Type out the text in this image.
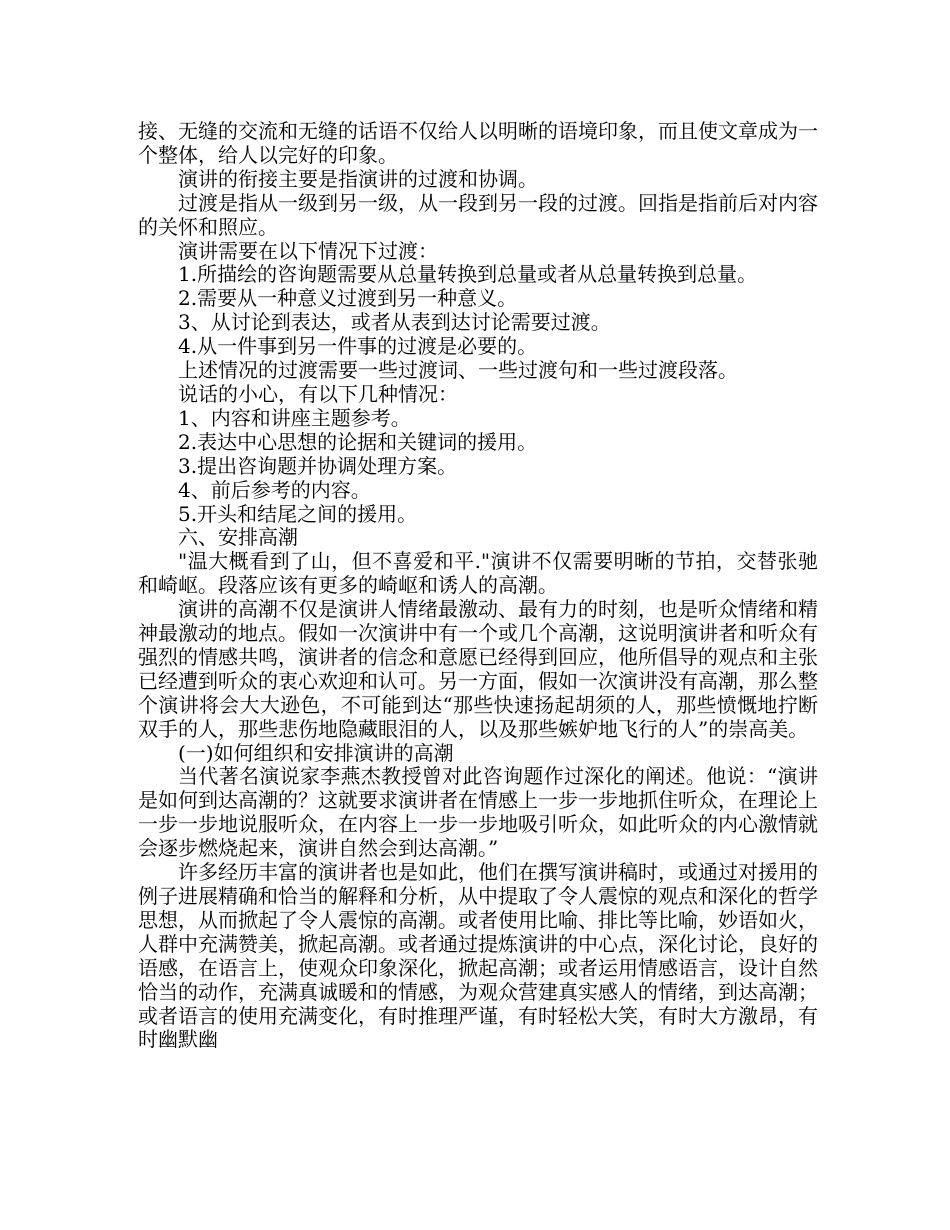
接、无缝的交流和无缝的话语不仅给人以明晰的语境印象，而且使文章成为一个整体，给人以完好的印象。

演讲的衔接主要是指演讲的过渡和协调。

过渡是指从一级到另一级，从一段到另一段的过渡。回指是指前后对内容的关怀和照应。

演讲需要在以下情况下过渡：

1.所描绘的咨询题需要从总量转换到总量或者从总量转换到总量。

2.需要从一种意义过渡到另一种意义。

3、从讨论到表达，或者从表到达讨论需要过渡。

4.从一件事到另一件事的过渡是必要的。

上述情况的过渡需要一些过渡词、一些过渡句和一些过渡段落。

说话的小心，有以下几种情况：

1、内容和讲座主题参考。

2.表达中心思想的论据和关键词的援用。

3.提出咨询题并协调处理方案。

4、前后参考的内容。

5.开头和结尾之间的援用。

六、安排高潮

"温大概看到了山，但不喜爱和平."演讲不仅需要明晰的节拍，交替张驰和崎岖。段落应该有更多的崎岖和诱人的高潮。

演讲的高潮不仅是演讲人情绪最激动、最有力的时刻，也是听众情绪和精神最激动的地点。假如一次演讲中有一个或几个高潮，这说明演讲者和听众有强烈的情感共鸣，演讲者的信念和意愿已经得到回应，他所倡导的观点和主张已经遭到听众的衷心欢迎和认可。另一方面，假如一次演讲没有高潮，那么整个演讲将会大大逊色，不可能到达“那些快速扬起胡须的人，那些愤慨地拧断双手的人，那些悲伤地隐藏眼泪的人，以及那些嫉妒地飞行的人”的崇高美。

(一)如何组织和安排演讲的高潮

当代著名演说家李燕杰教授曾对此咨询题作过深化的阐述。他说：“演讲是如何到达高潮的？这就要求演讲者在情感上一步一步地抓住听众，在理论上一步一步地说服听众，在内容上一步一步地吸引听众，如此听众的内心激情就会逐步燃烧起来，演讲自然会到达高潮。”

许多经历丰富的演讲者也是如此，他们在撰写演讲稿时，或通过对援用的例子进展精确和恰当的解释和分析，从中提取了令人震惊的观点和深化的哲学思想，从而掀起了令人震惊的高潮。或者使用比喻、排比等比喻，妙语如火，人群中充满赞美，掀起高潮。或者通过提炼演讲的中心点，深化讨论，良好的语感，在语言上，使观众印象深化，掀起高潮；或者运用情感语言，设计自然恰当的动作，充满真诚暖和的情感，为观众营建真实感人的情绪，到达高潮；或者语言的使用充满变化，有时推理严谨，有时轻松大笑，有时大方激昂，有时幽默幽
